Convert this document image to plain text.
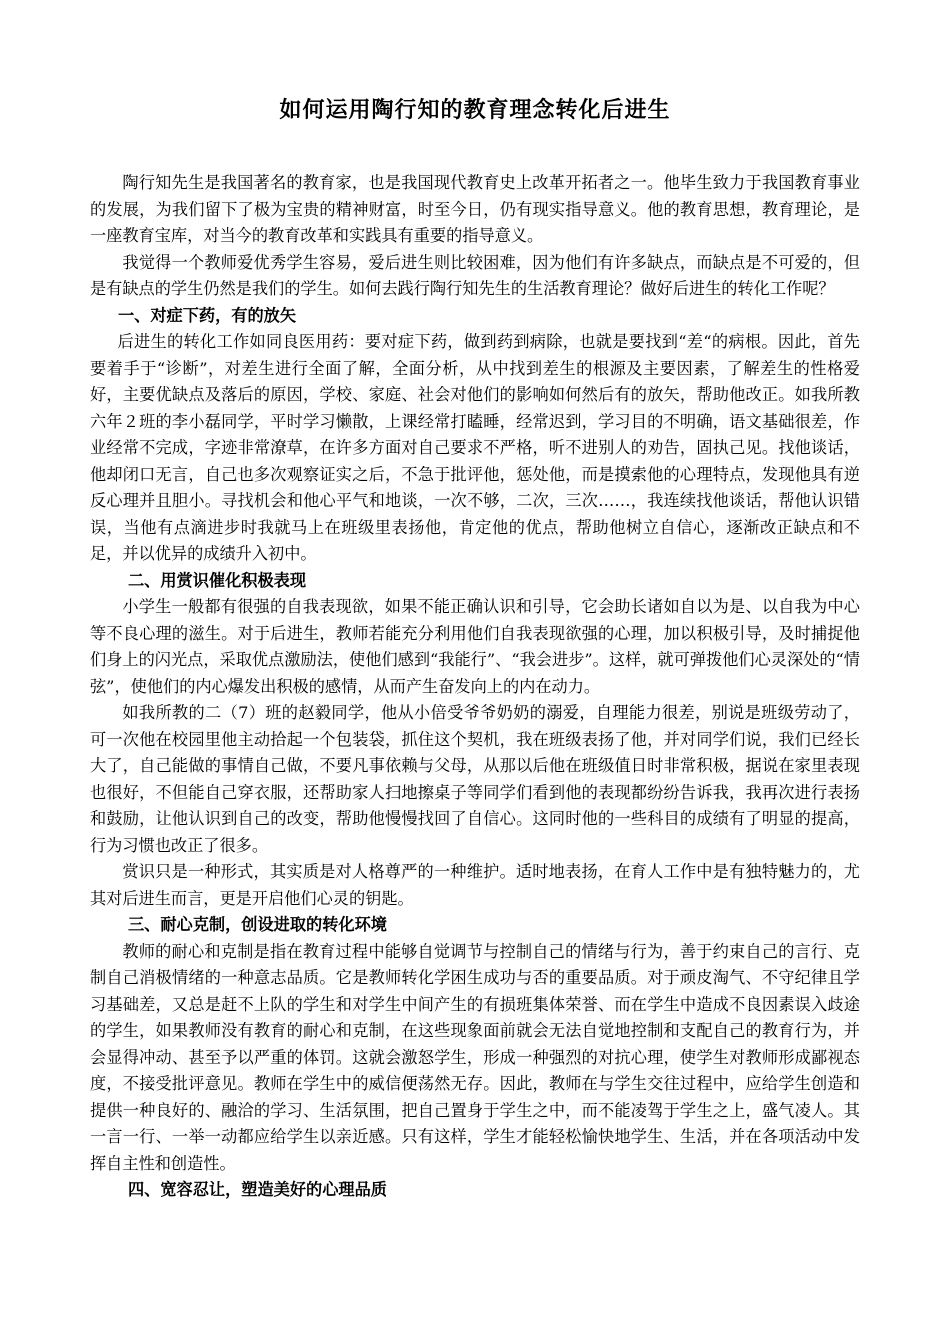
如何运用陶行知的教育理念转化后进生

陶行知先生是我国著名的教育家，也是我国现代教育史上改革开拓者之一。他毕生致力于我国教育事业的发展，为我们留下了极为宝贵的精神财富，时至今日，仍有现实指导意义。他的教育思想，教育理论，是一座教育宝库，对当今的教育改革和实践具有重要的指导意义。

我觉得一个教师爱优秀学生容易，爱后进生则比较困难，因为他们有许多缺点，而缺点是不可爱的，但是有缺点的学生仍然是我们的学生。如何去践行陶行知先生的生活教育理论？做好后进生的转化工作呢？

一、对症下药，有的放矢

后进生的转化工作如同良医用药：要对症下药，做到药到病除，也就是要找到“差“的病根。因此，首先要着手于“诊断”，对差生进行全面了解，全面分析，从中找到差生的根源及主要因素，了解差生的性格爱好，主要优缺点及落后的原因，学校、家庭、社会对他们的影响如何然后有的放矢，帮助他改正。如我所教六年２班的李小磊同学，平时学习懒散，上课经常打瞌睡，经常迟到，学习目的不明确，语文基础很差，作业经常不完成，字迹非常潦草，在许多方面对自己要求不严格，听不进别人的劝告，固执己见。找他谈话，他却闭口无言，自己也多次观察证实之后，不急于批评他，惩处他，而是摸索他的心理特点，发现他具有逆反心理并且胆小。寻找机会和他心平气和地谈，一次不够，二次，三次……，我连续找他谈话，帮他认识错误，当他有点滴进步时我就马上在班级里表扬他，肯定他的优点，帮助他树立自信心，逐渐改正缺点和不足，并以优异的成绩升入初中。

二、用赏识催化积极表现

小学生一般都有很强的自我表现欲，如果不能正确认识和引导，它会助长诸如自以为是、以自我为中心等不良心理的滋生。对于后进生，教师若能充分利用他们自我表现欲强的心理，加以积极引导，及时捕捉他们身上的闪光点，采取优点激励法，使他们感到“我能行”、“我会进步”。这样，就可弹拨他们心灵深处的“情弦”，使他们的内心爆发出积极的感情，从而产生奋发向上的内在动力。

如我所教的二（7）班的赵毅同学，他从小倍受爷爷奶奶的溺爱，自理能力很差，别说是班级劳动了，可一次他在校园里他主动拾起一个包装袋，抓住这个契机，我在班级表扬了他，并对同学们说，我们已经长大了，自己能做的事情自己做，不要凡事依赖与父母，从那以后他在班级值日时非常积极，据说在家里表现也很好，不但能自己穿衣服，还帮助家人扫地擦桌子等同学们看到他的表现都纷纷告诉我，我再次进行表扬和鼓励，让他认识到自己的改变，帮助他慢慢找回了自信心。这同时他的一些科目的成绩有了明显的提高，行为习惯也改正了很多。

赏识只是一种形式，其实质是对人格尊严的一种维护。适时地表扬，在育人工作中是有独特魅力的，尤其对后进生而言，更是开启他们心灵的钥匙。

三、耐心克制，创设进取的转化环境

教师的耐心和克制是指在教育过程中能够自觉调节与控制自己的情绪与行为，善于约束自己的言行、克制自己消极情绪的一种意志品质。它是教师转化学困生成功与否的重要品质。对于顽皮淘气、不守纪律且学习基础差，又总是赶不上队的学生和对学生中间产生的有损班集体荣誉、而在学生中造成不良因素误入歧途的学生，如果教师没有教育的耐心和克制，在这些现象面前就会无法自觉地控制和支配自己的教育行为，并会显得冲动、甚至予以严重的体罚。这就会激怒学生，形成一种强烈的对抗心理，使学生对教师形成鄙视态度，不接受批评意见。教师在学生中的威信便荡然无存。因此，教师在与学生交往过程中，应给学生创造和提供一种良好的、融洽的学习、生活氛围，把自己置身于学生之中，而不能凌驾于学生之上，盛气凌人。其一言一行、一举一动都应给学生以亲近感。只有这样，学生才能轻松愉快地学生、生活，并在各项活动中发挥自主性和创造性。

四、宽容忍让，塑造美好的心理品质
